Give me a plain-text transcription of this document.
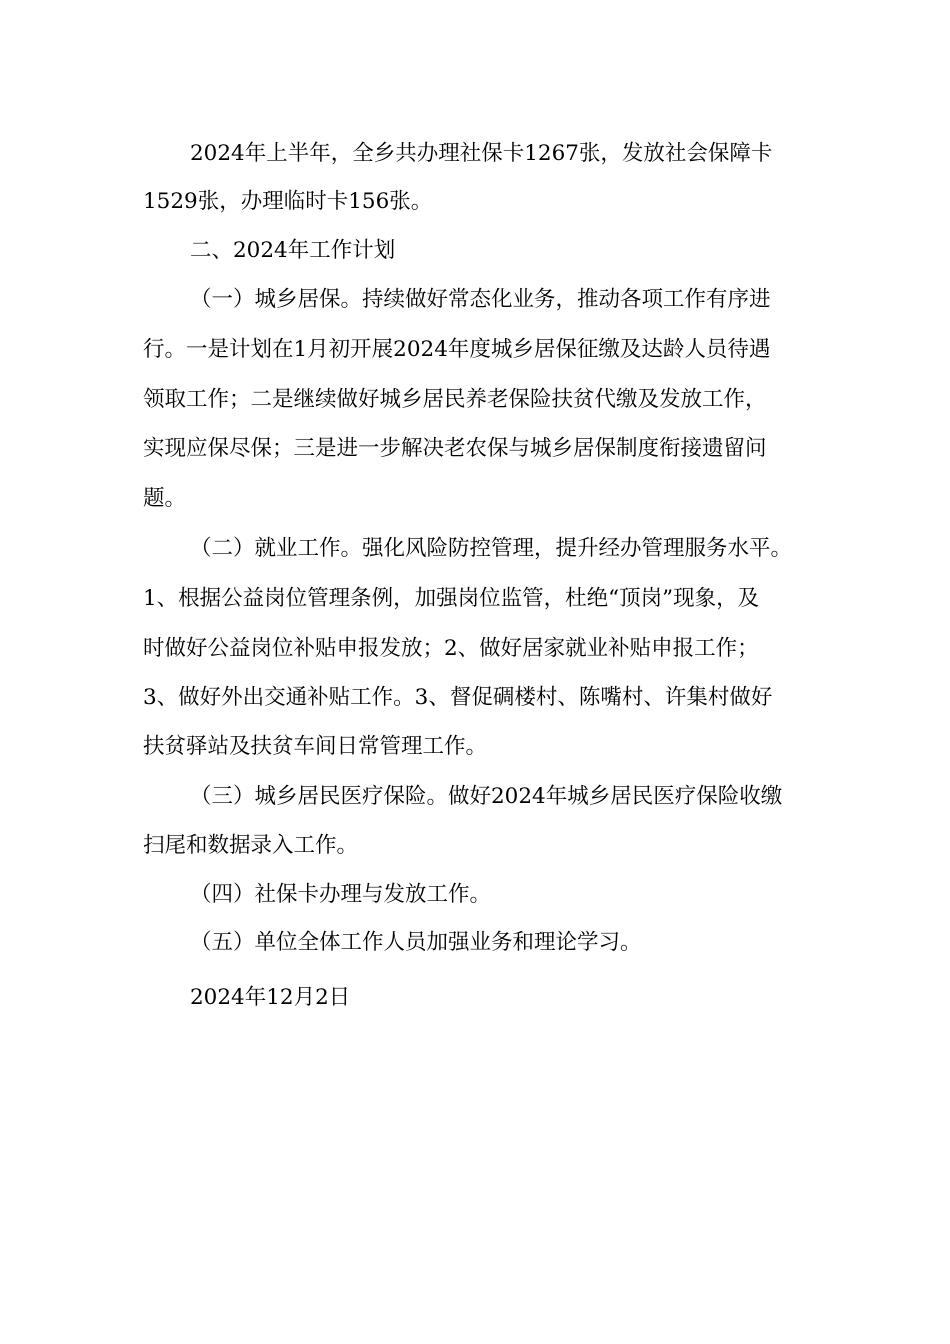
2024年上半年，全乡共办理社保卡1267张，发放社会保障卡
1529张，办理临时卡156张。
二、2024年工作计划
（一）城乡居保。持续做好常态化业务，推动各项工作有序进
行。一是计划在1月初开展2024年度城乡居保征缴及达龄人员待遇
领取工作；二是继续做好城乡居民养老保险扶贫代缴及发放工作，
实现应保尽保；三是进一步解决老农保与城乡居保制度衔接遗留问
题。
（二）就业工作。强化风险防控管理，提升经办管理服务水平。
1、根据公益岗位管理条例，加强岗位监管，杜绝“顶岗”现象，及
时做好公益岗位补贴申报发放；2、做好居家就业补贴申报工作；
3、做好外出交通补贴工作。3、督促碉楼村、陈嘴村、许集村做好
扶贫驿站及扶贫车间日常管理工作。
（三）城乡居民医疗保险。做好2024年城乡居民医疗保险收缴
扫尾和数据录入工作。
（四）社保卡办理与发放工作。
（五）单位全体工作人员加强业务和理论学习。
2024年12月2日
